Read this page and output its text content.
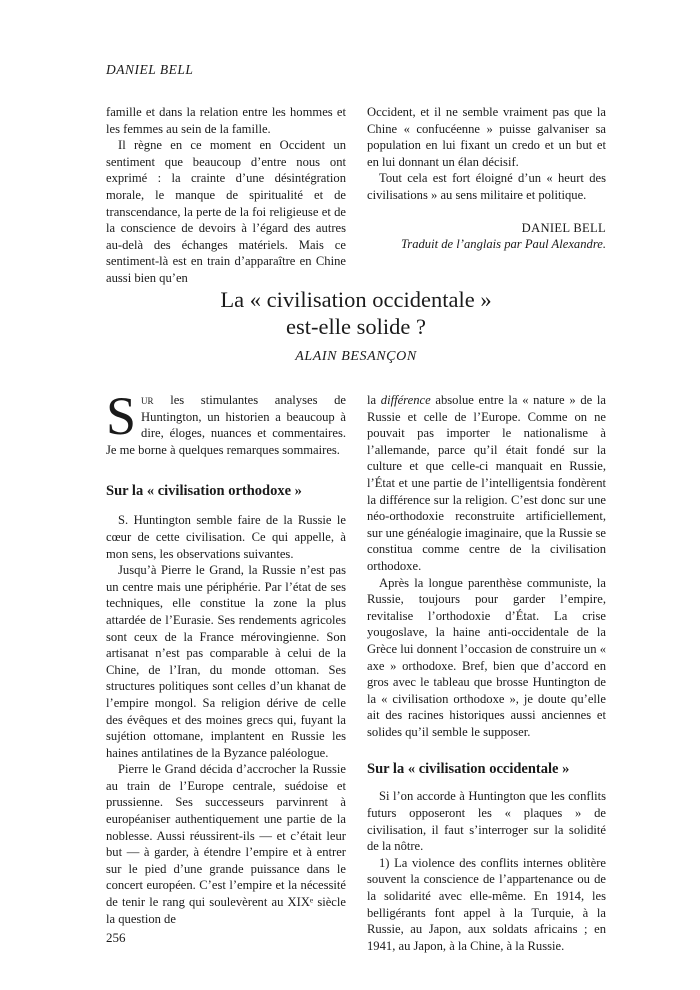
DANIEL BELL

famille et dans la relation entre les hommes et les femmes au sein de la famille.

Il règne en ce moment en Occident un sentiment que beaucoup d’entre nous ont exprimé : la crainte d’une désintégration morale, le manque de spiritualité et de transcendance, la perte de la foi religieuse et de la conscience de devoirs à l’égard des autres au-delà des échanges matériels. Mais ce sentiment-là est en train d’apparaître en Chine aussi bien qu’en

Occident, et il ne semble vraiment pas que la Chine « confucéenne » puisse galvaniser sa population en lui fixant un credo et un but et en lui donnant un élan décisif.

Tout cela est fort éloigné d’un « heurt des civilisations » au sens militaire et politique.

DANIEL BELL
Traduit de l’anglais par Paul Alexandre.
La « civilisation occidentale »
est-elle solide ?
ALAIN BESANÇON

Sur les stimulantes analyses de Huntington, un historien a beaucoup à dire, éloges, nuances et commentaires. Je me borne à quelques remarques sommaires.

Sur la « civilisation orthodoxe »

S. Huntington semble faire de la Russie le cœur de cette civilisation. Ce qui appelle, à mon sens, les observations suivantes.

Jusqu’à Pierre le Grand, la Russie n’est pas un centre mais une périphérie. Par l’état de ses techniques, elle constitue la zone la plus attardée de l’Eurasie. Ses rendements agricoles sont ceux de la France mérovingienne. Son artisanat n’est pas comparable à celui de la Chine, de l’Iran, du monde ottoman. Ses structures politiques sont celles d’un khanat de l’empire mongol. Sa religion dérive de celle des évêques et des moines grecs qui, fuyant la sujétion ottomane, implantent en Russie les haines antilatines de la Byzance paléologue.

Pierre le Grand décida d’accrocher la Russie au train de l’Europe centrale, suédoise et prussienne. Ses successeurs parvinrent à européaniser authentiquement une partie de la noblesse. Aussi réussirent-ils — et c’était leur but — à garder, à étendre l’empire et à entrer sur le pied d’une grande puissance dans le concert européen. C’est l’empire et la nécessité de tenir le rang qui soulevèrent au XIXᵉ siècle la question de

la différence absolue entre la « nature » de la Russie et celle de l’Europe. Comme on ne pouvait pas importer le nationalisme à l’allemande, parce qu’il était fondé sur la culture et que celle-ci manquait en Russie, l’État et une partie de l’intelligentsia fondèrent la différence sur la religion. C’est donc sur une néo-orthodoxie reconstruite artificiellement, sur une généalogie imaginaire, que la Russie se constitua comme centre de la civilisation orthodoxe.

Après la longue parenthèse communiste, la Russie, toujours pour garder l’empire, revitalise l’orthodoxie d’État. La crise yougoslave, la haine anti-occidentale de la Grèce lui donnent l’occasion de construire un « axe » orthodoxe. Bref, bien que d’accord en gros avec le tableau que brosse Huntington de la « civilisation orthodoxe », je doute qu’elle ait des racines historiques aussi anciennes et solides qu’il semble le supposer.

Sur la « civilisation occidentale »

Si l’on accorde à Huntington que les conflits futurs opposeront les « plaques » de civilisation, il faut s’interroger sur la solidité de la nôtre.

1) La violence des conflits internes oblitère souvent la conscience de l’appartenance ou de la solidarité avec elle-même. En 1914, les belligérants font appel à la Turquie, à la Russie, au Japon, aux soldats africains ; en 1941, au Japon, à la Chine, à la Russie.

256
